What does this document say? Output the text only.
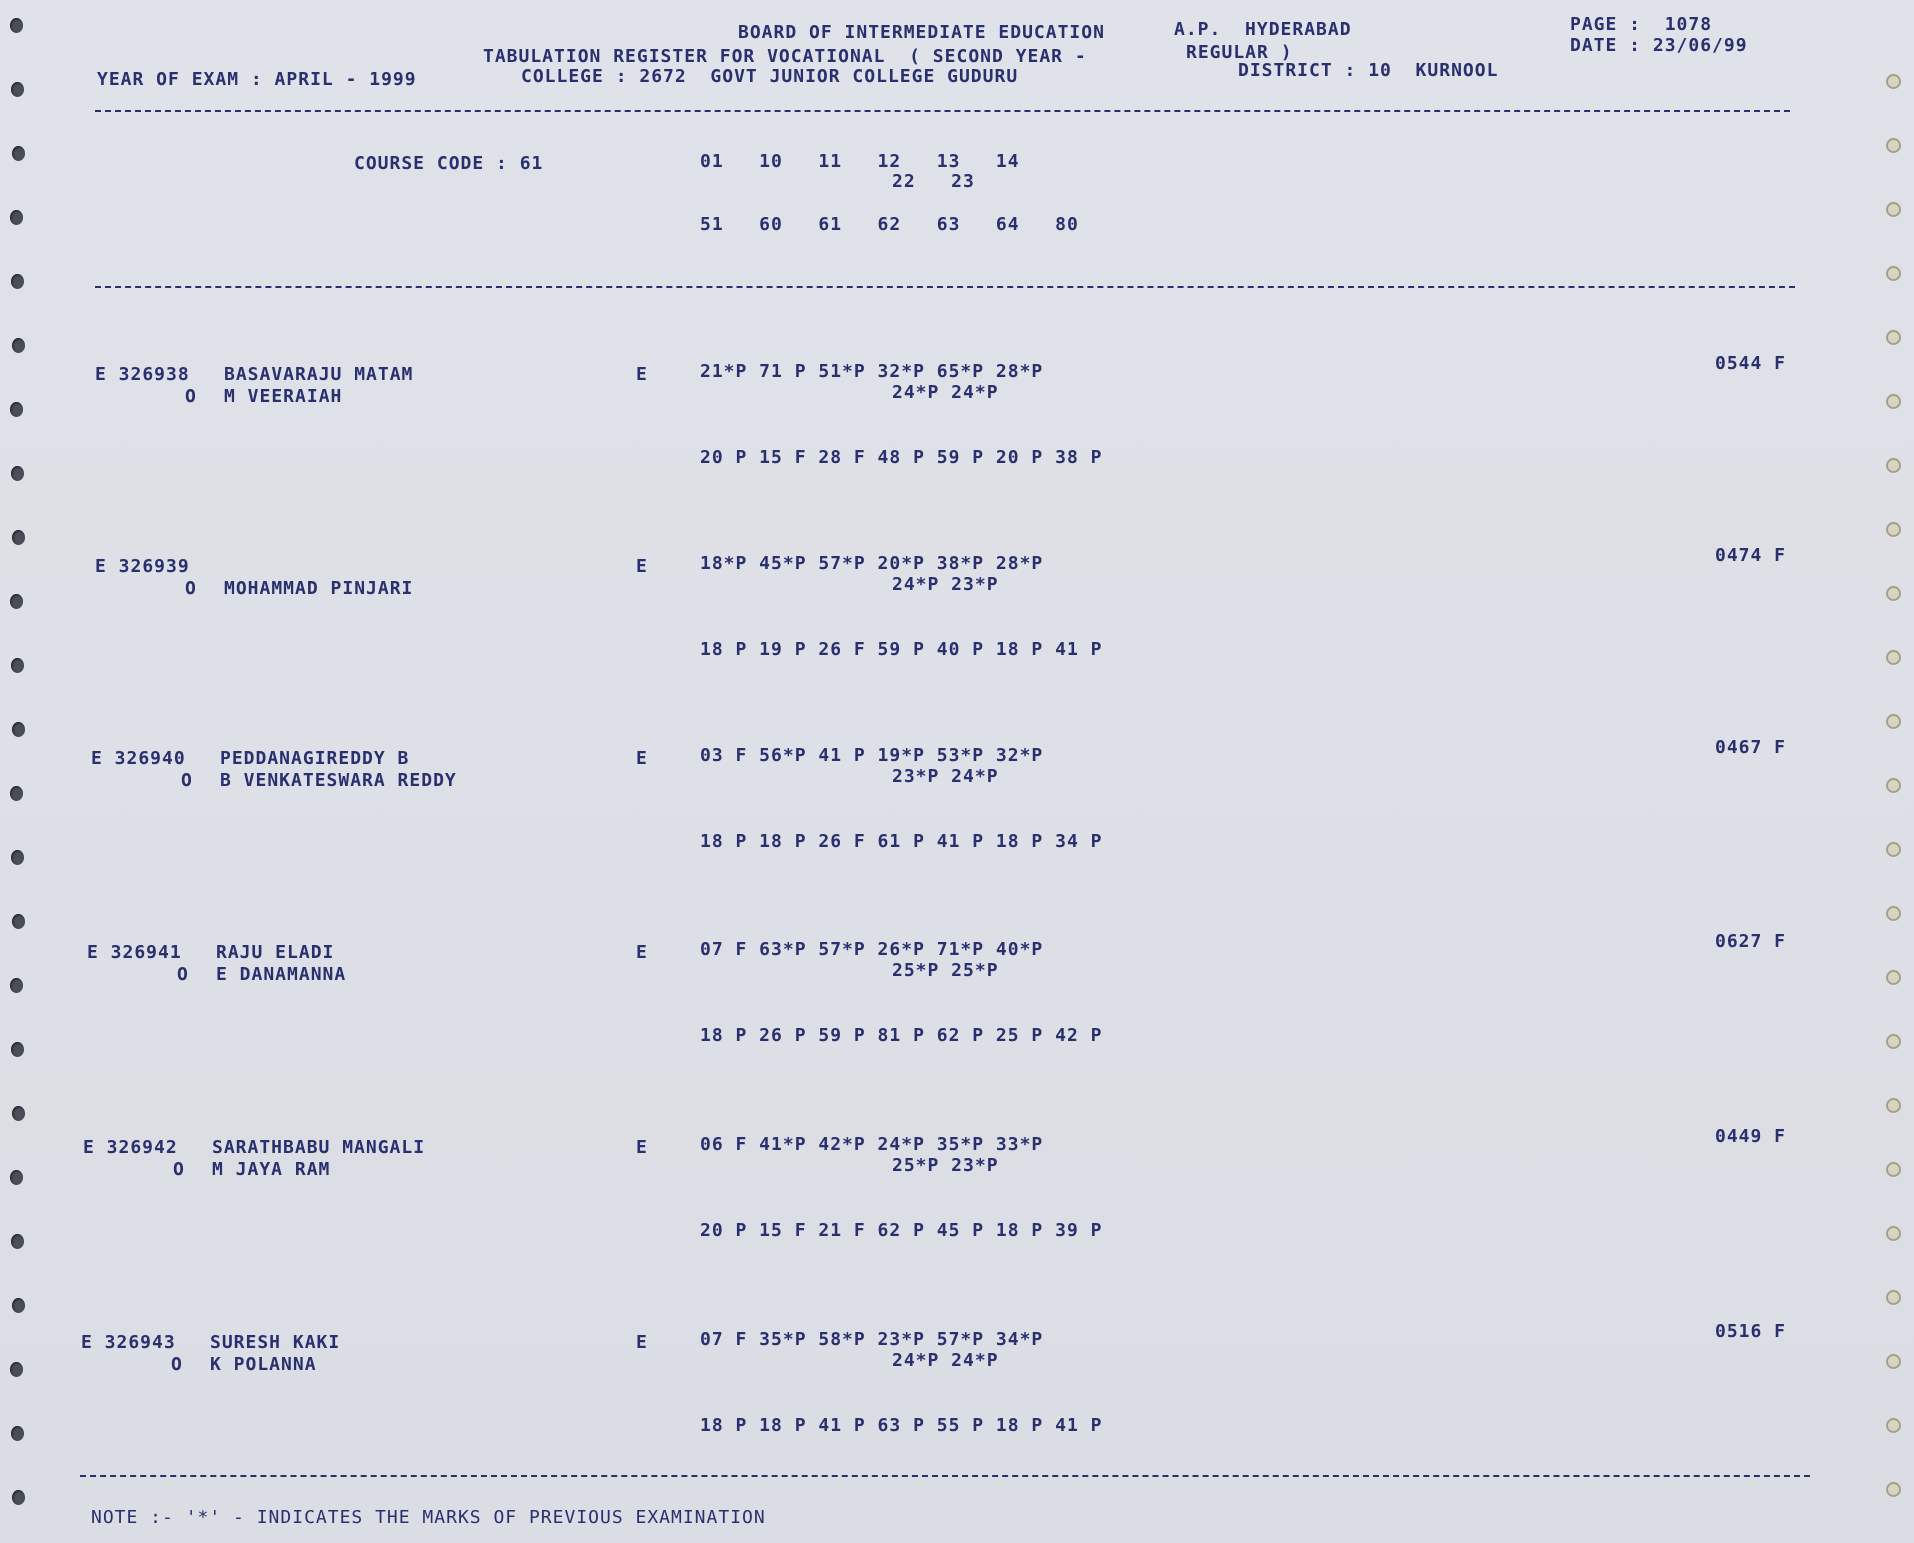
BOARD OF INTERMEDIATE EDUCATION	A.P.  HYDERABAD	PAGE :  1078
DATE : 23/06/99
TABULATION REGISTER FOR VOCATIONAL  ( SECOND YEAR -	REGULAR )
YEAR OF EXAM : APRIL - 1999	COLLEGE : 2672  GOVT JUNIOR COLLEGE GUDURU	DISTRICT : 10  KURNOOL
COURSE CODE : 61	01   10   11   12   13   14
22   23
51   60   61   62   63   64   80
E 326938 BASAVARAJU MATAM
O M VEERAIAH
E	21*P 71 P 51*P 32*P 65*P 28*P
24*P 24*P
20 P 15 F 28 F 48 P 59 P 20 P 38 P
0544 F
E 326939
O MOHAMMAD PINJARI
E	18*P 45*P 57*P 20*P 38*P 28*P
24*P 23*P
18 P 19 P 26 F 59 P 40 P 18 P 41 P
0474 F
E 326940 PEDDANAGIREDDY B
O B VENKATESWARA REDDY
E	03 F 56*P 41 P 19*P 53*P 32*P
23*P 24*P
18 P 18 P 26 F 61 P 41 P 18 P 34 P
0467 F
E 326941 RAJU ELADI
O E DANAMANNA
E	07 F 63*P 57*P 26*P 71*P 40*P
25*P 25*P
18 P 26 P 59 P 81 P 62 P 25 P 42 P
0627 F
E 326942 SARATHBABU MANGALI
O M JAYA RAM
E	06 F 41*P 42*P 24*P 35*P 33*P
25*P 23*P
20 P 15 F 21 F 62 P 45 P 18 P 39 P
0449 F
E 326943 SURESH KAKI
O K POLANNA
E	07 F 35*P 58*P 23*P 57*P 34*P
24*P 24*P
18 P 18 P 41 P 63 P 55 P 18 P 41 P
0516 F
NOTE :- '*' - INDICATES THE MARKS OF PREVIOUS EXAMINATION
